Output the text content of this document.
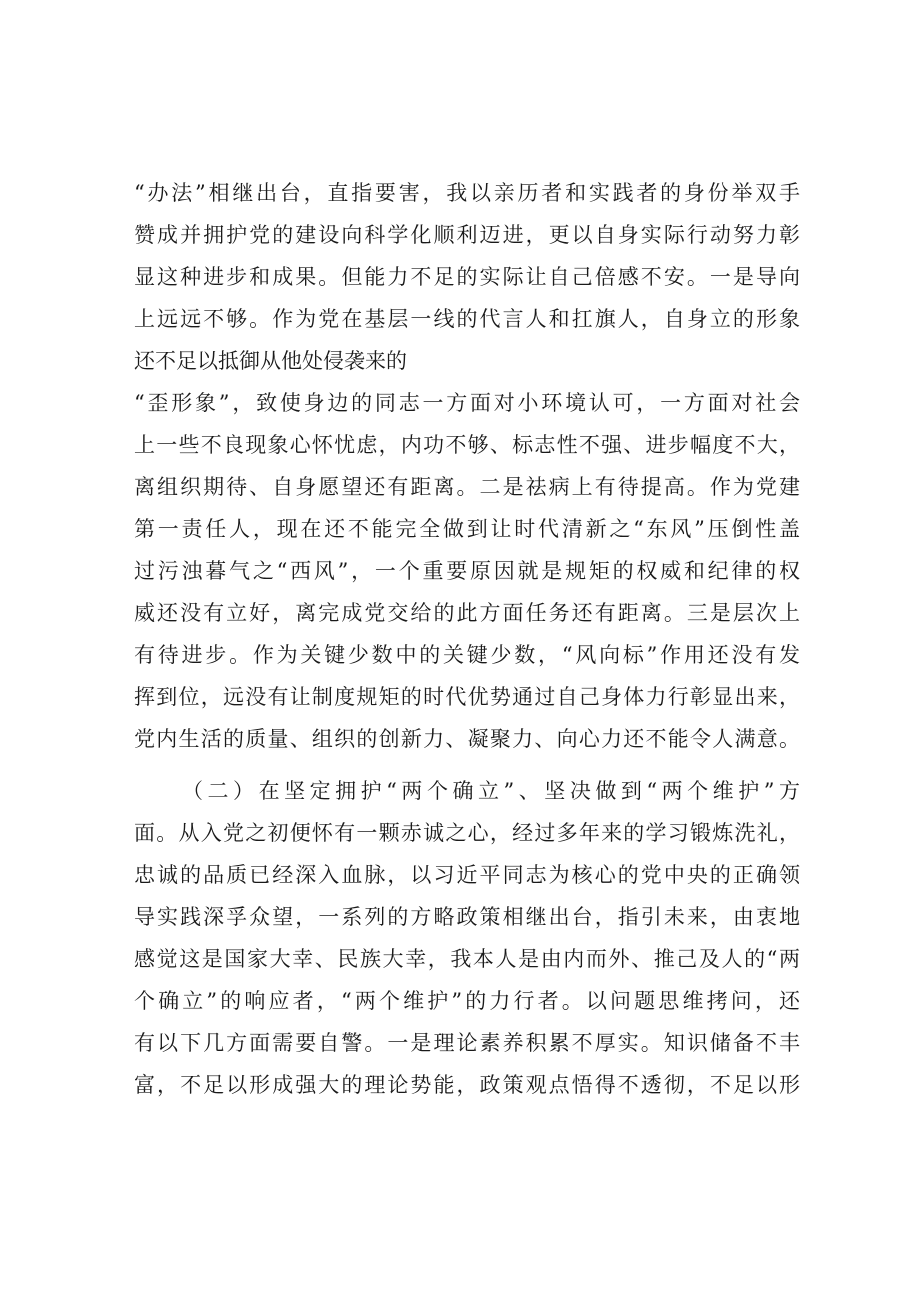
“办法”相继出台，直指要害，我以亲历者和实践者的身份举双手
赞成并拥护党的建设向科学化顺利迈进，更以自身实际行动努力彰
显这种进步和成果。但能力不足的实际让自己倍感不安。一是导向
上远远不够。作为党在基层一线的代言人和扛旗人，自身立的形象
还不足以抵御从他处侵袭来的
“歪形象”，致使身边的同志一方面对小环境认可，一方面对社会
上一些不良现象心怀忧虑，内功不够、标志性不强、进步幅度不大，
离组织期待、自身愿望还有距离。二是祛病上有待提高。作为党建
第一责任人，现在还不能完全做到让时代清新之“东风”压倒性盖
过污浊暮气之“西风”，一个重要原因就是规矩的权威和纪律的权
威还没有立好，离完成党交给的此方面任务还有距离。三是层次上
有待进步。作为关键少数中的关键少数，“风向标”作用还没有发
挥到位，远没有让制度规矩的时代优势通过自己身体力行彰显出来，
党内生活的质量、组织的创新力、凝聚力、向心力还不能令人满意。
（二）在坚定拥护“两个确立”、坚决做到“两个维护”方
面。从入党之初便怀有一颗赤诚之心，经过多年来的学习锻炼洗礼，
忠诚的品质已经深入血脉，以习近平同志为核心的党中央的正确领
导实践深孚众望，一系列的方略政策相继出台，指引未来，由衷地
感觉这是国家大幸、民族大幸，我本人是由内而外、推己及人的“两
个确立”的响应者，“两个维护”的力行者。以问题思维拷问，还
有以下几方面需要自警。一是理论素养积累不厚实。知识储备不丰
富，不足以形成强大的理论势能，政策观点悟得不透彻，不足以形
